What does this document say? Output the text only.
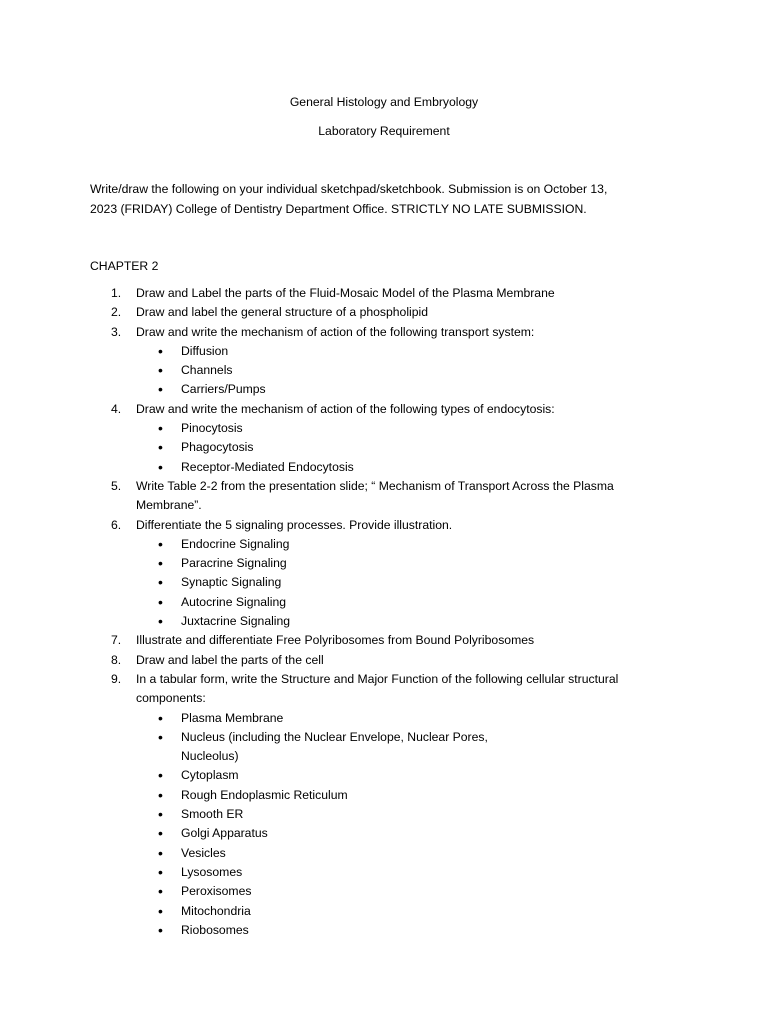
General Histology and Embryology
Laboratory Requirement
Write/draw the following on your individual sketchpad/sketchbook. Submission is on October 13,
2023 (FRIDAY) College of Dentistry Department Office. STRICTLY NO LATE SUBMISSION.
CHAPTER 2
1. Draw and Label the parts of the Fluid-Mosaic Model of the Plasma Membrane
2. Draw and label the general structure of a phospholipid
3. Draw and write the mechanism of action of the following transport system:
• Diffusion
• Channels
• Carriers/Pumps
4. Draw and write the mechanism of action of the following types of endocytosis:
• Pinocytosis
• Phagocytosis
• Receptor-Mediated Endocytosis
5. Write Table 2-2 from the presentation slide; “ Mechanism of Transport Across the Plasma
Membrane”.
6. Differentiate the 5 signaling processes. Provide illustration.
• Endocrine Signaling
• Paracrine Signaling
• Synaptic Signaling
• Autocrine Signaling
• Juxtacrine Signaling
7. Illustrate and differentiate Free Polyribosomes from Bound Polyribosomes
8. Draw and label the parts of the cell
9. In a tabular form, write the Structure and Major Function of the following cellular structural
components:
• Plasma Membrane
• Nucleus (including the Nuclear Envelope, Nuclear Pores, Nucleolus)
• Cytoplasm
• Rough Endoplasmic Reticulum
• Smooth ER
• Golgi Apparatus
• Vesicles
• Lysosomes
• Peroxisomes
• Mitochondria
• Riobosomes
